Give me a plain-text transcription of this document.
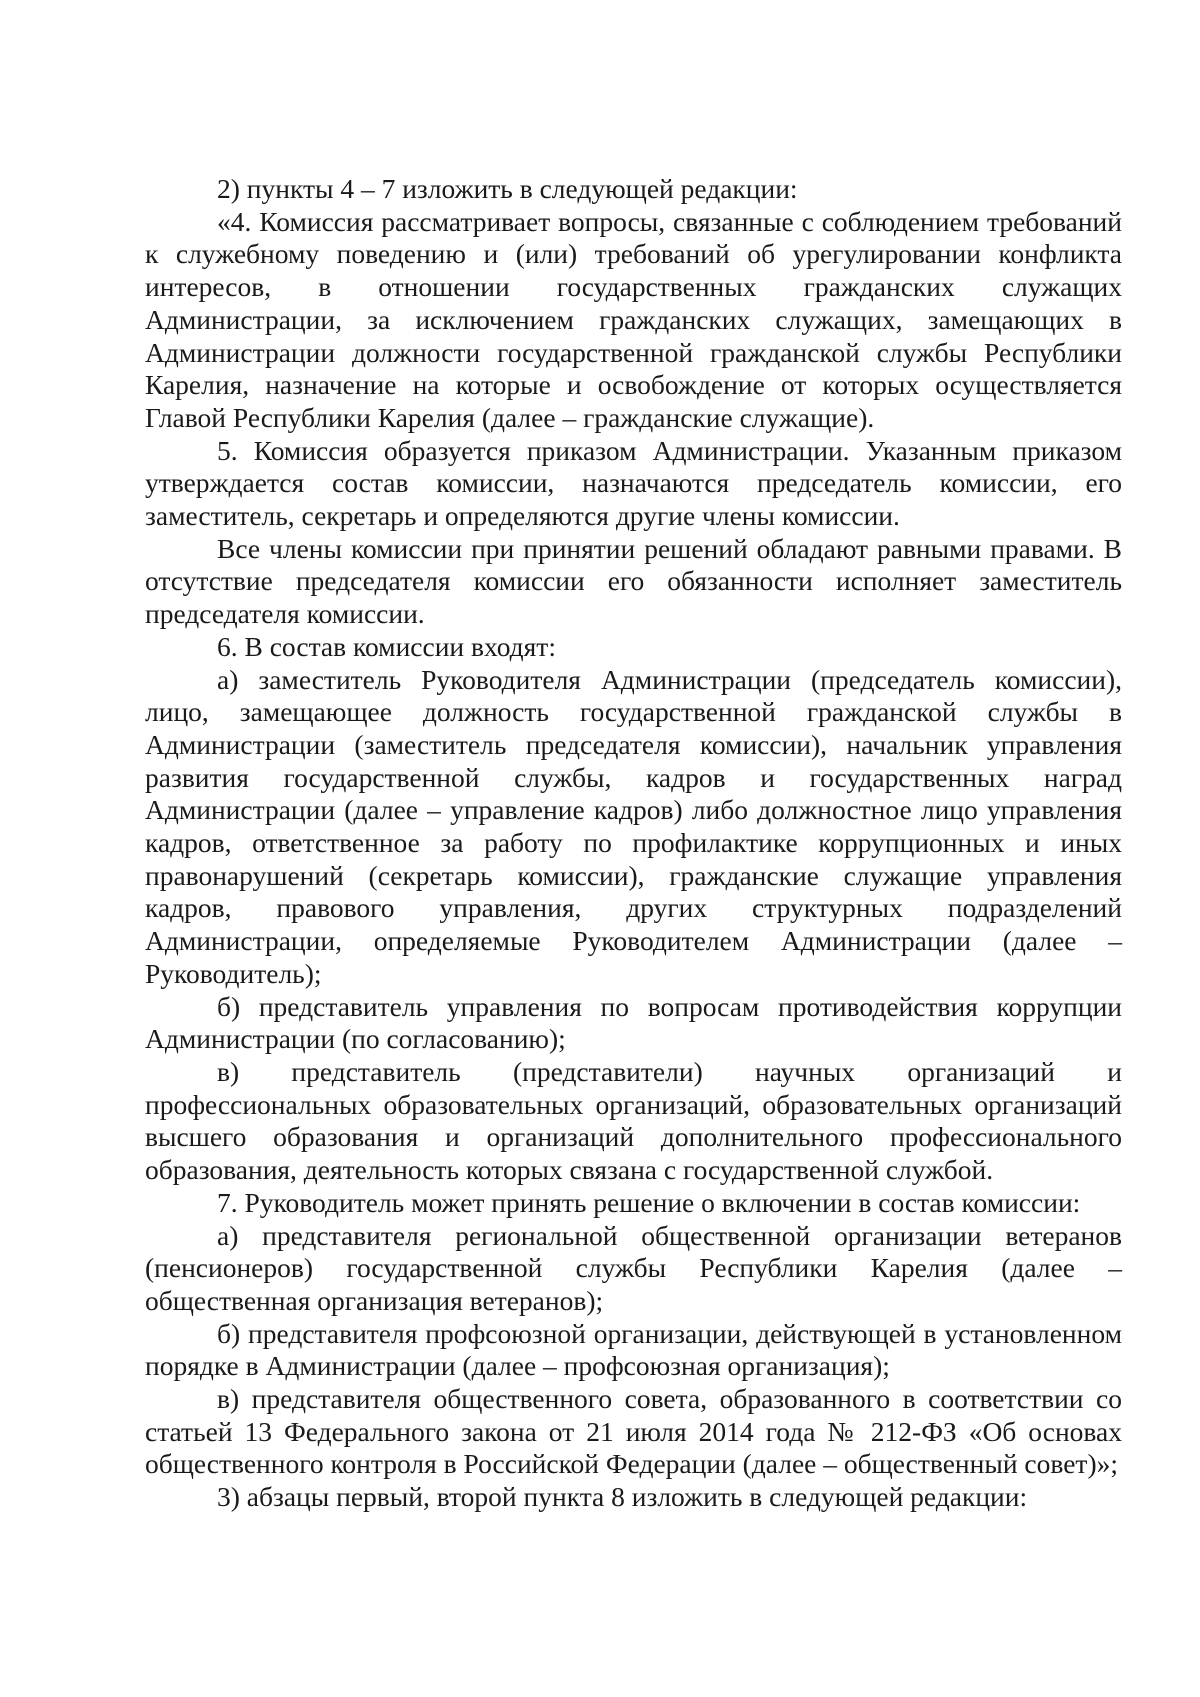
2) пункты 4 – 7 изложить в следующей редакции:

«4. Комиссия рассматривает вопросы, связанные с соблюдением требований к служебному поведению и (или) требований об урегулировании конфликта интересов, в отношении государственных гражданских служащих Администрации, за исключением гражданских служащих, замещающих в Администрации должности государственной гражданской службы Республики Карелия, назначение на которые и освобождение от которых осуществляется Главой Республики Карелия (далее – гражданские служащие).

5. Комиссия образуется приказом Администрации. Указанным приказом утверждается состав комиссии, назначаются председатель комиссии, его заместитель, секретарь и определяются другие члены комиссии.

Все члены комиссии при принятии решений обладают равными правами. В отсутствие председателя комиссии его обязанности исполняет заместитель председателя комиссии.

6. В состав комиссии входят:

а) заместитель Руководителя Администрации (председатель комиссии), лицо, замещающее должность государственной гражданской службы в Администрации (заместитель председателя комиссии), начальник управления развития государственной службы, кадров и государственных наград Администрации (далее – управление кадров) либо должностное лицо управления кадров, ответственное за работу по профилактике коррупционных и иных правонарушений (секретарь комиссии), гражданские служащие управления кадров, правового управления, других структурных подразделений Администрации, определяемые Руководителем Администрации (далее – Руководитель);

б) представитель управления по вопросам противодействия коррупции Администрации (по согласованию);

в) представитель (представители) научных организаций и профессиональных образовательных организаций, образовательных организаций высшего образования и организаций дополнительного профессионального образования, деятельность которых связана с государственной службой.

7. Руководитель может принять решение о включении в состав комиссии:

а) представителя региональной общественной организации ветеранов (пенсионеров) государственной службы Республики Карелия (далее – общественная организация ветеранов);

б) представителя профсоюзной организации, действующей в установленном порядке в Администрации (далее – профсоюзная организация);

в) представителя общественного совета, образованного в соответствии со статьей 13 Федерального закона от 21 июля 2014 года № 212-ФЗ «Об основах общественного контроля в Российской Федерации (далее – общественный совет)»;

3) абзацы первый, второй пункта 8 изложить в следующей редакции:
